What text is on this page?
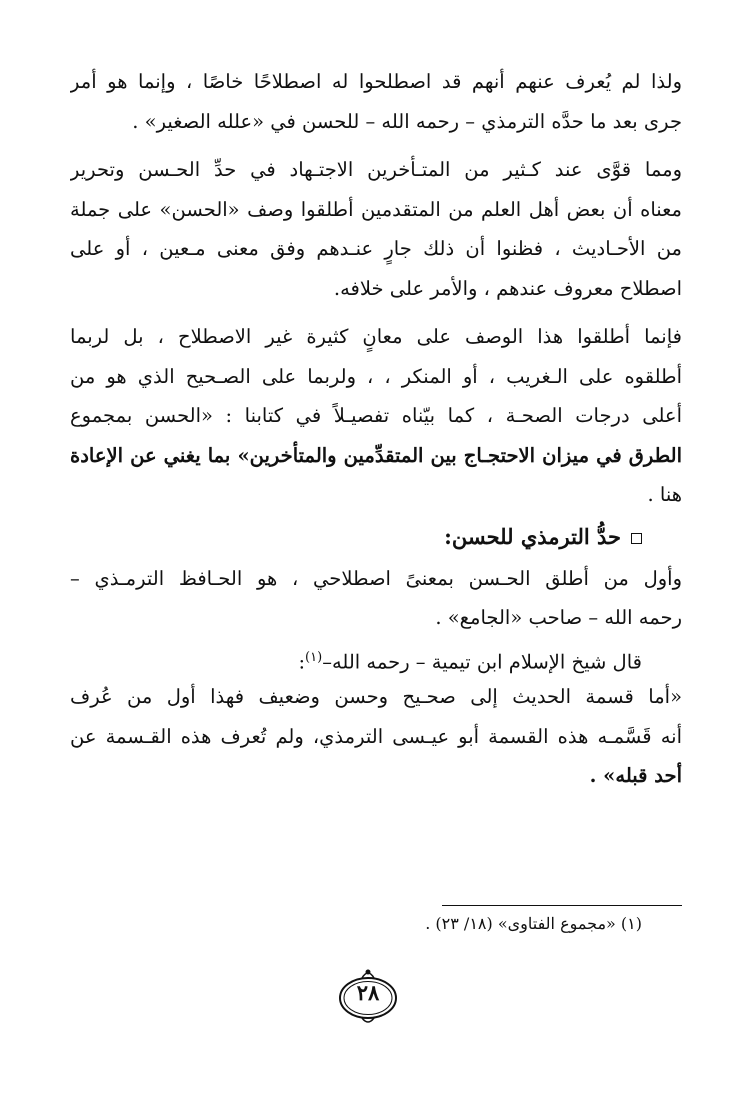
ولذا لم يُعرف عنهم أنهم قد اصطلحوا له اصطلاحًا خاصًا ، وإنما هو أمر
جرى بعد ما حدَّه الترمذي – رحمه الله – للحسن في «علله الصغير» .
ومما قوَّى عند كـثير من المتـأخرين الاجتـهاد في حدِّ الحـسن وتحرير
معناه أن بعض أهل العلم من المتقدمين أطلقوا وصف «الحسن» على جملة
من الأحـاديث ، فظنوا أن ذلك جارٍ عنـدهم وفق معنى مـعين ، أو على
اصطلاح معروف عندهم ، والأمر على خلافه.
فإنما أطلقوا هذا الوصف على معانٍ كثيرة غير الاصطلاح ، بل لربما
أطلقوه على الـغريب ، أو المنكر ، ، ولربما على الصـحيح الذي هو من
أعلى درجات الصحـة ، كما بيّناه تفصيـلاً في كتابنا : «الحسن بمجموع
الطرق في ميزان الاحتجـاج بين المتقدِّمين والمتأخرين» بما يغني عن الإعادة
هنا .
حدُّ الترمذي للحسن:
وأول من أطلق الحـسن بمعنىً اصطلاحي ، هو الحـافظ الترمـذي –
رحمه الله – صاحب «الجامع» .
قال شيخ الإسلام ابن تيمية – رحمه الله–$^{(١)}$:
«أما قسمة الحديث إلى صحـيح وحسن وضعيف فهذا أول من عُرف
أنه قَسَّمـه هذه القسمة أبو عيـسى الترمذي، ولم تُعرف هذه القـسمة عن
أحد قبله» .
(١) «مجموع الفتاوى» (١٨/ ٢٣) .
٢٨
